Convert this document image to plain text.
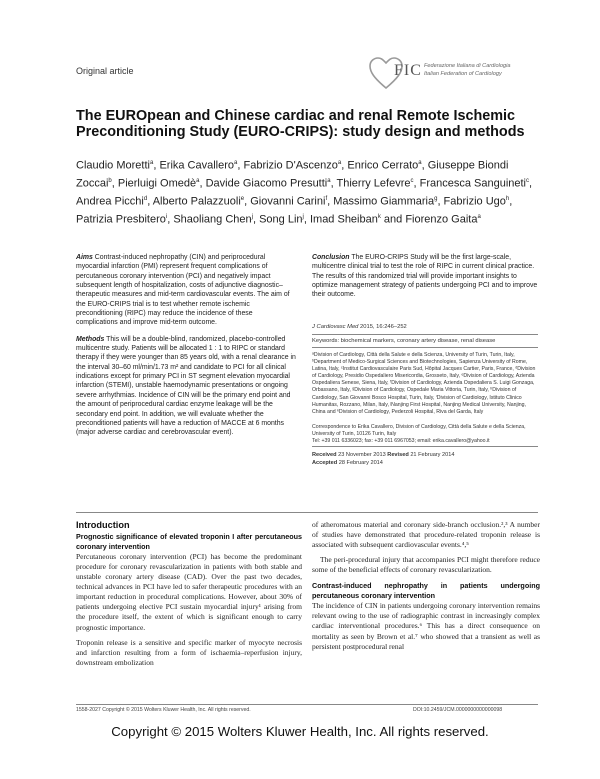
Original article	FIC Federazione Italiana di Cardiologia
Italian Federation of Cardiology
The EUROpean and Chinese cardiac and renal Remote Ischemic Preconditioning Study (EURO-CRIPS): study design and methods
Claudio Moretti$^a$, Erika Cavallero$^a$, Fabrizio D'Ascenzo$^a$, Enrico Cerrato$^a$, Giuseppe Biondi Zoccai$^b$, Pierluigi Omedè$^a$, Davide Giacomo Presutti$^a$, Thierry Lefevre$^c$, Francesca Sanguineti$^c$, Andrea Picchi$^d$, Alberto Palazzuoli$^e$, Giovanni Carini$^f$, Massimo Giammaria$^g$, Fabrizio Ugo$^h$, Patrizia Presbitero$^i$, Shaoliang Chen$^j$, Song Lin$^j$, Imad Sheiban$^k$ and Fiorenzo Gaita$^a$

Aims Contrast-induced nephropathy (CIN) and periprocedural myocardial infarction (PMI) represent frequent complications of percutaneous coronary intervention (PCI) and negatively impact subsequent length of hospitalization, costs of adjunctive diagnostic–therapeutic measures and mid-term cardiovascular events. The aim of the EURO-CRIPS trial is to test whether remote ischemic preconditioning (RIPC) may reduce the incidence of these complications and improve mid-term outcome.

Methods This will be a double-blind, randomized, placebo-controlled multicentre study. Patients will be allocated 1 : 1 to RIPC or standard therapy if they were younger than 85 years old, with a renal clearance in the interval 30–60 ml/min/1.73 m² and candidate to PCI for all clinical indications except for primary PCI in ST segment elevation myocardial infarction (STEMI), unstable haemodynamic presentations or ongoing severe arrhythmias. Incidence of CIN will be the primary end point and the amount of periprocedural cardiac enzyme leakage will be the secondary end point. In addition, we will evaluate whether the preconditioned patients will have a reduction of MACCE at 6 months (major adverse cardiac and cerebrovascular event).

Conclusion The EURO-CRIPS Study will be the first large-scale, multicentre clinical trial to test the role of RIPC in current clinical practice. The results of this randomized trial will provide important insights to optimize management strategy of patients undergoing PCI and to improve their outcome.

J Cardiovasc Med 2015, 16:246–252
Keywords: biochemical markers, coronary artery disease, renal disease
ᵃDivision of Cardiology, Città della Salute e della Scienza, University of Turin, Turin, Italy, ᵇDepartment of Medico-Surgical Sciences and Biotechnologies, Sapienza University of Rome, Latina, Italy, ᶜInstitut Cardiovasculaire Paris Sud, Hôpital Jacques Cartier, Paris, France, ᵈDivision of Cardiology, Presidio Ospedaliero Misericordia, Grosseto, Italy, ᵉDivision of Cardiology, Azienda Ospedaliera Senese, Siena, Italy, ᶠDivision of Cardiology, Azienda Ospedaliera S. Luigi Gonzaga, Orbassano, Italy, ᵍDivision of Cardiology, Ospedale Maria Vittoria, Turin, Italy, ʰDivision of Cardiology, San Giovanni Bosco Hospital, Turin, Italy, ⁱDivision of Cardiology, Istituto Clinico Humanitas, Rozzano, Milan, Italy, ʲNanjing First Hospital, Nanjing Medical University, Nanjing, China and ᵏDivision of Cardiology, Pederzoli Hospital, Riva del Garda, Italy
Correspondence to Erika Cavallero, Division of Cardiology, Città della Salute e della Scienza, University of Turin, 10126 Turin, Italy
Tel: +39 011 6336023; fax: +39 011 6967053; email: erika.cavallero@yahoo.it
Received 23 November 2013 Revised 21 February 2014
Accepted 28 February 2014
Introduction
Prognostic significance of elevated troponin I after percutaneous coronary intervention

Percutaneous coronary intervention (PCI) has become the predominant procedure for coronary revascularization in patients with both stable and unstable coronary artery disease (CAD). Over the past two decades, technical advances in PCI have led to safer therapeutic procedures with an important reduction in procedural complications. However, about 30% of patients undergoing elective PCI sustain myocardial injury¹ arising from the procedure itself, the extent of which is significant enough to carry prognostic importance.

Troponin release is a sensitive and specific marker of myocyte necrosis and infarction resulting from a form of ischaemia–reperfusion injury, downstream embolization

of atheromatous material and coronary side-branch occlusion.²,³ A number of studies have demonstrated that procedure-related troponin release is associated with subsequent cardiovascular events.⁴,⁵

The peri-procedural injury that accompanies PCI might therefore reduce some of the beneficial effects of coronary revascularization.

Contrast-induced nephropathy in patients undergoing percutaneous coronary intervention

The incidence of CIN in patients undergoing coronary intervention remains relevant owing to the use of radiographic contrast in increasingly complex cardiac interventional procedures.⁶ This has a direct consequence on mortality as seen by Brown et al.⁷ who showed that a transient as well as persistent postprocedural renal

1558-2027 Copyright © 2015 Wolters Kluwer Health, Inc. All rights reserved.	DOI:10.2459/JCM.0000000000000098
Copyright © 2015 Wolters Kluwer Health, Inc. All rights reserved.
